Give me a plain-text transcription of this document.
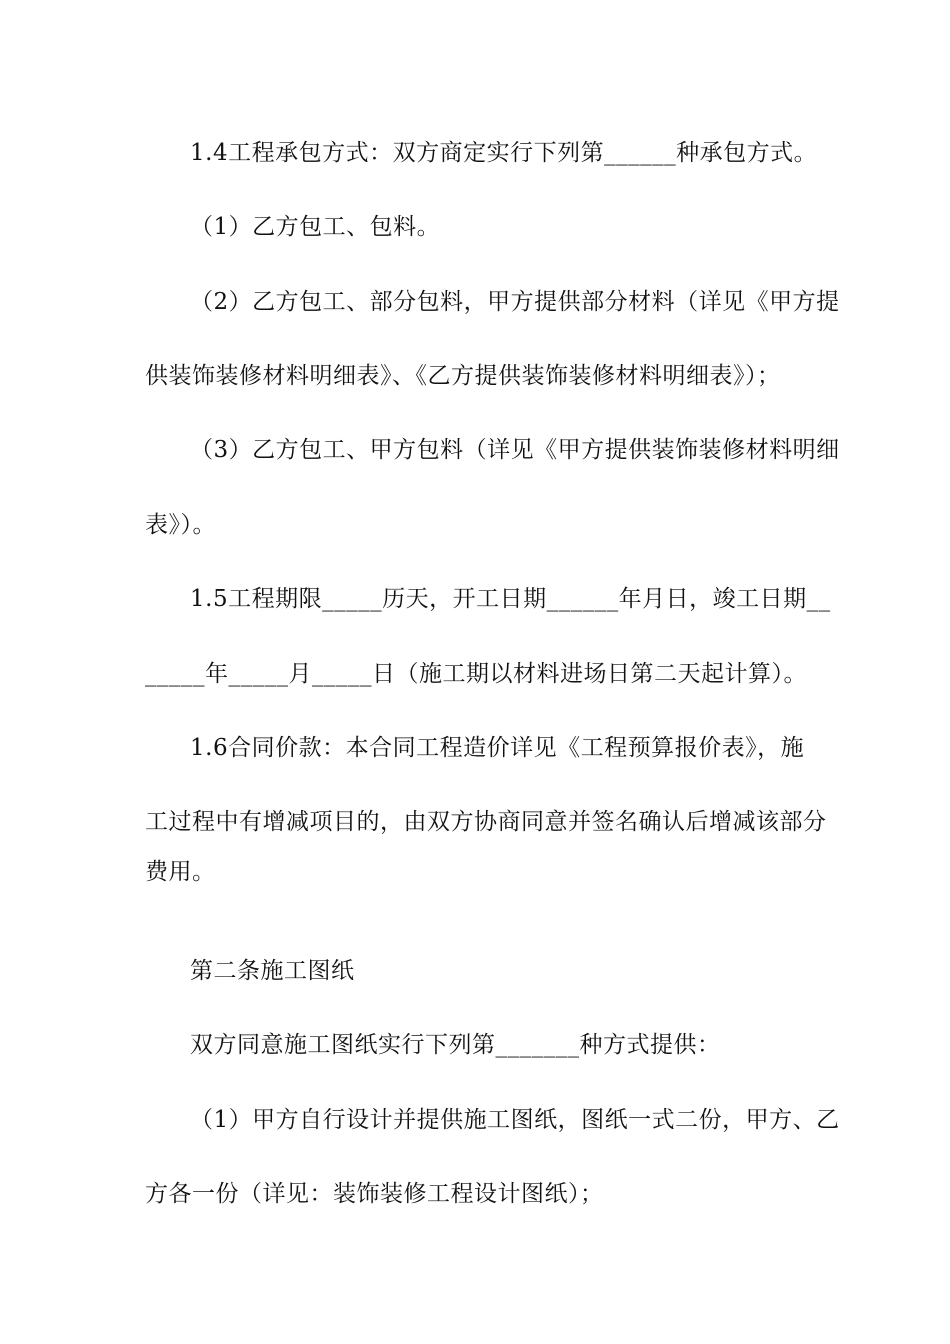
1.4工程承包方式：双方商定实行下列第______种承包方式。
（1）乙方包工、包料。
（2）乙方包工、部分包料，甲方提供部分材料（详见《甲方提
供装饰装修材料明细表》、《乙方提供装饰装修材料明细表》）；
（3）乙方包工、甲方包料（详见《甲方提供装饰装修材料明细
表》）。
1.5工程期限_____历天，开工日期______年月日，竣工日期__
_____年_____月_____日（施工期以材料进场日第二天起计算）。
1.6合同价款：本合同工程造价详见《工程预算报价表》，施
工过程中有增减项目的，由双方协商同意并签名确认后增减该部分
费用。
第二条施工图纸
双方同意施工图纸实行下列第_______种方式提供：
（1）甲方自行设计并提供施工图纸，图纸一式二份，甲方、乙
方各一份（详见：装饰装修工程设计图纸）；
